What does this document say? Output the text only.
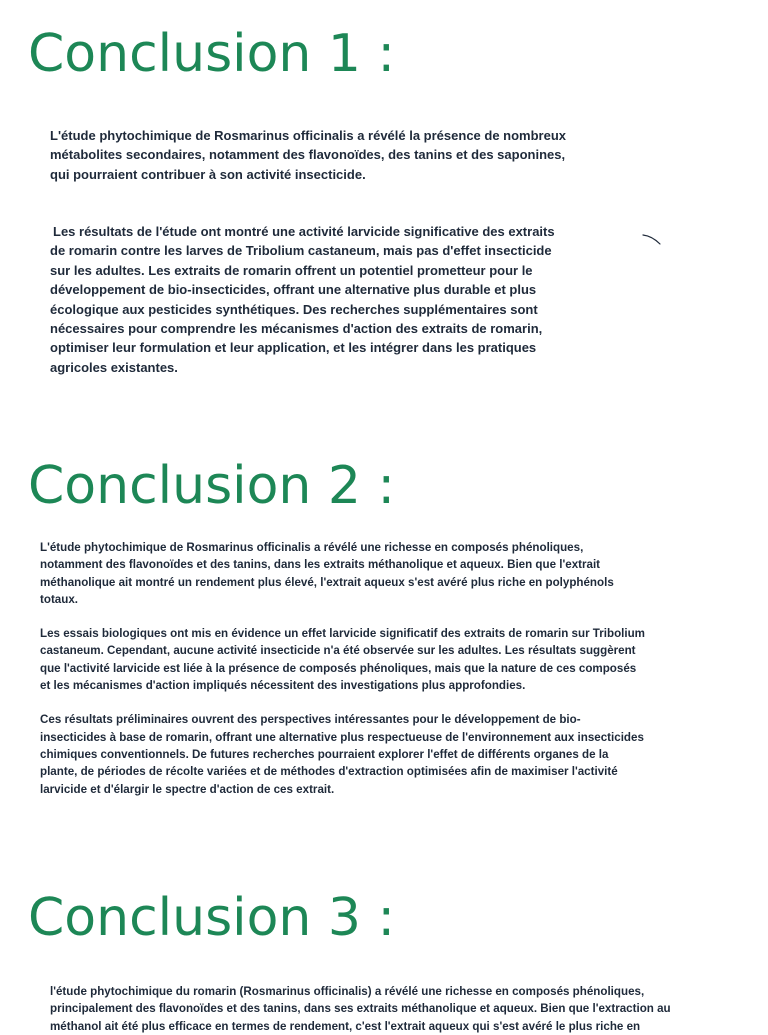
Conclusion 1 :

L'étude phytochimique de Rosmarinus officinalis a révélé la présence de nombreux métabolites secondaires, notamment des flavonoïdes, des tanins et des saponines, qui pourraient contribuer à son activité insecticide.

Les résultats de l'étude ont montré une activité larvicide significative des extraits de romarin contre les larves de Tribolium castaneum, mais pas d'effet insecticide sur les adultes. Les extraits de romarin offrent un potentiel prometteur pour le développement de bio-insecticides, offrant une alternative plus durable et plus écologique aux pesticides synthétiques. Des recherches supplémentaires sont nécessaires pour comprendre les mécanismes d'action des extraits de romarin, optimiser leur formulation et leur application, et les intégrer dans les pratiques agricoles existantes.

Conclusion 2 :

L'étude phytochimique de Rosmarinus officinalis a révélé une richesse en composés phénoliques, notamment des flavonoïdes et des tanins, dans les extraits méthanolique et aqueux. Bien que l'extrait méthanolique ait montré un rendement plus élevé, l'extrait aqueux s'est avéré plus riche en polyphénols totaux.

Les essais biologiques ont mis en évidence un effet larvicide significatif des extraits de romarin sur Tribolium castaneum. Cependant, aucune activité insecticide n'a été observée sur les adultes. Les résultats suggèrent que l'activité larvicide est liée à la présence de composés phénoliques, mais que la nature de ces composés et les mécanismes d'action impliqués nécessitent des investigations plus approfondies.

Ces résultats préliminaires ouvrent des perspectives intéressantes pour le développement de bio-insecticides à base de romarin, offrant une alternative plus respectueuse de l'environnement aux insecticides chimiques conventionnels. De futures recherches pourraient explorer l'effet de différents organes de la plante, de périodes de récolte variées et de méthodes d'extraction optimisées afin de maximiser l'activité larvicide et d'élargir le spectre d'action de ces extrait.

Conclusion 3 :

l'étude phytochimique du romarin (Rosmarinus officinalis) a révélé une richesse en composés phénoliques, principalement des flavonoïdes et des tanins, dans ses extraits méthanolique et aqueux. Bien que l'extraction au méthanol ait été plus efficace en termes de rendement, c'est l'extrait aqueux qui s'est avéré le plus riche en
